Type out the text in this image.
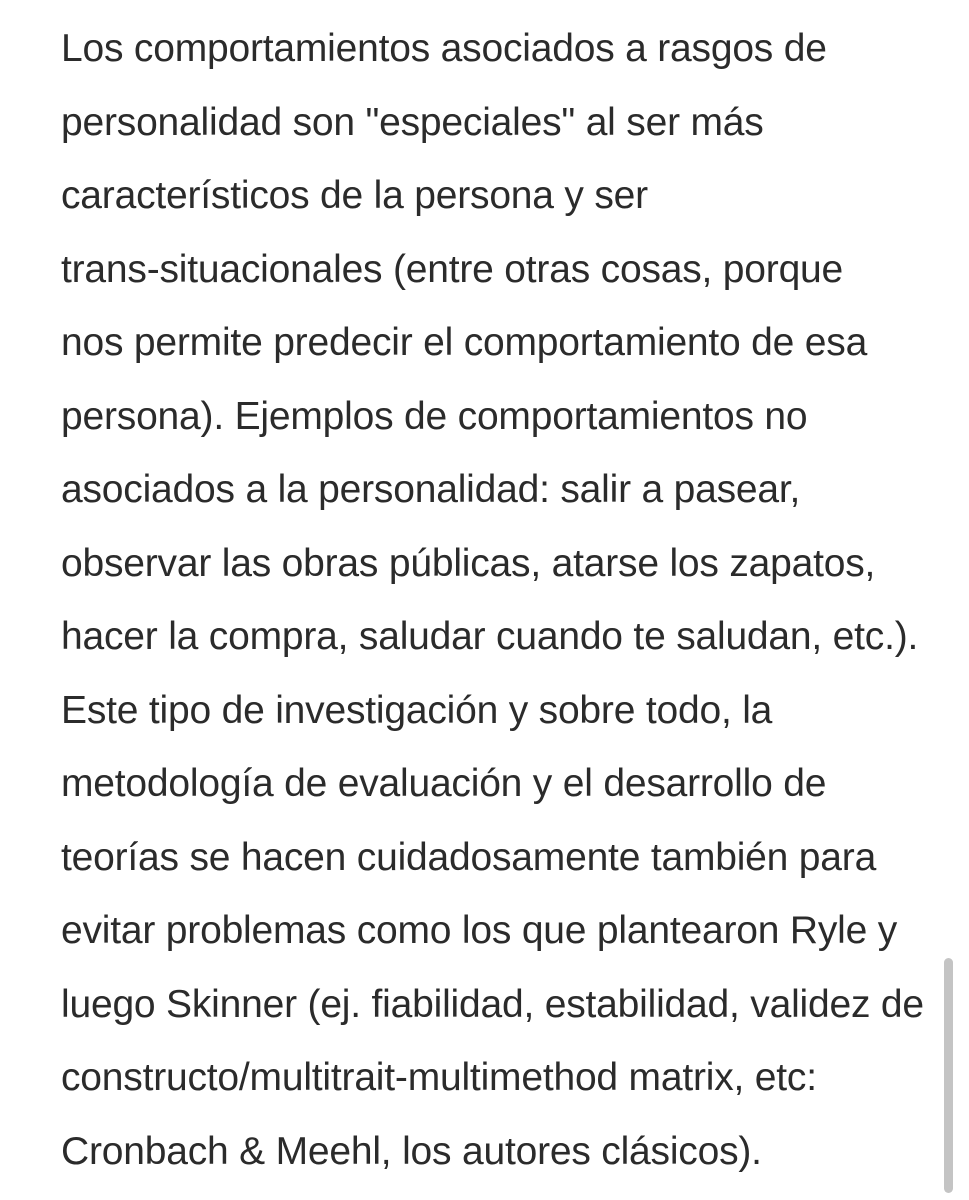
Los comportamientos asociados a rasgos de
personalidad son "especiales" al ser más
característicos de la persona y ser
trans-situacionales (entre otras cosas, porque
nos permite predecir el comportamiento de esa
persona). Ejemplos de comportamientos no
asociados a la personalidad: salir a pasear,
observar las obras públicas, atarse los zapatos,
hacer la compra, saludar cuando te saludan, etc.).
Este tipo de investigación y sobre todo, la
metodología de evaluación y el desarrollo de
teorías se hacen cuidadosamente también para
evitar problemas como los que plantearon Ryle y
luego Skinner (ej. fiabilidad, estabilidad, validez de
constructo/multitrait-multimethod matrix, etc:
Cronbach & Meehl, los autores clásicos).
